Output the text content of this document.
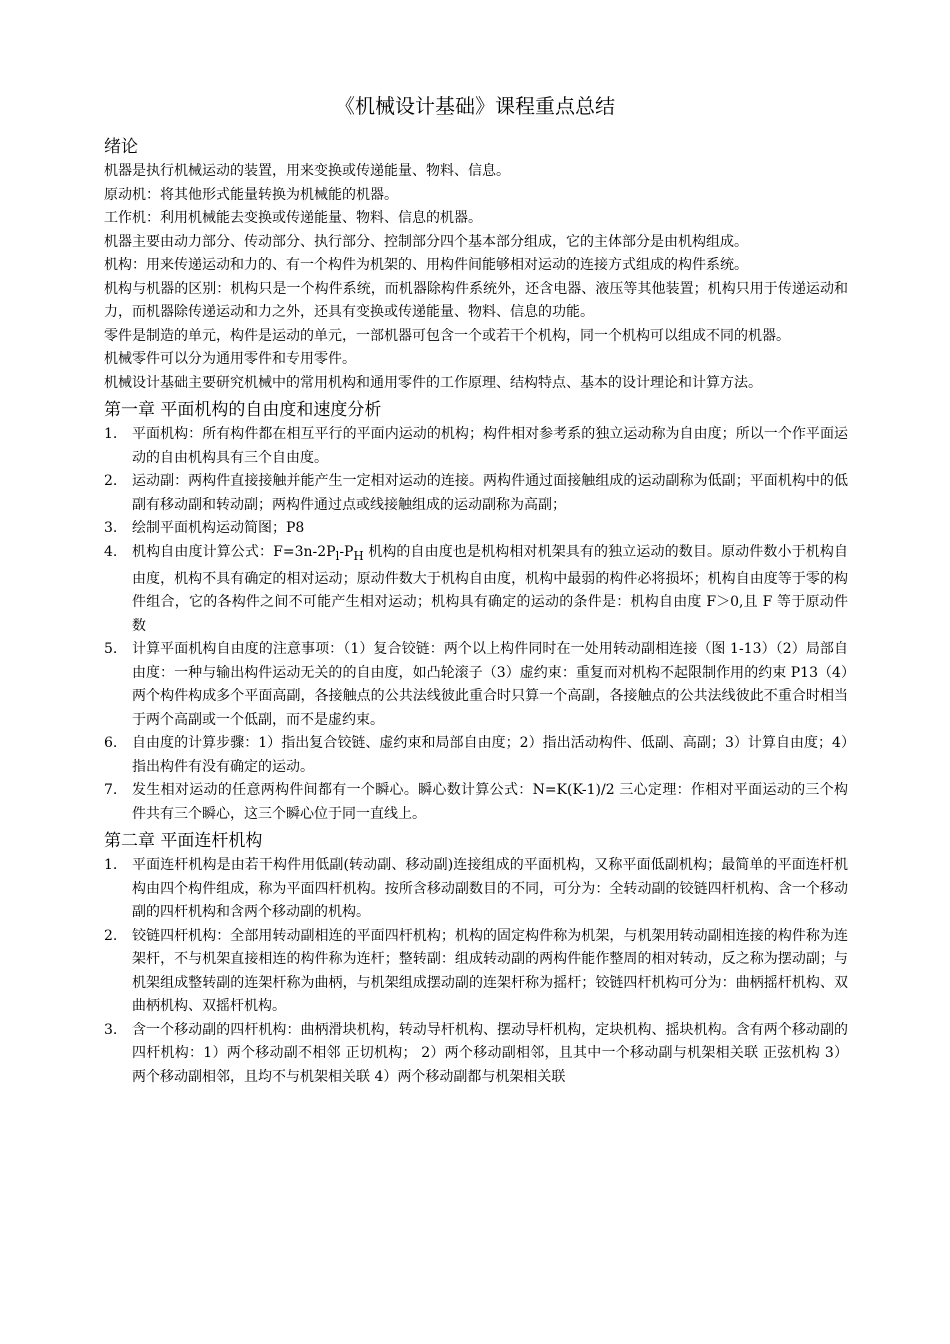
《机械设计基础》课程重点总结
绪论
机器是执行机械运动的装置，用来变换或传递能量、物料、信息。
原动机：将其他形式能量转换为机械能的机器。
工作机：利用机械能去变换或传递能量、物料、信息的机器。
机器主要由动力部分、传动部分、执行部分、控制部分四个基本部分组成，它的主体部分是由机构组成。
机构：用来传递运动和力的、有一个构件为机架的、用构件间能够相对运动的连接方式组成的构件系统。
机构与机器的区别：机构只是一个构件系统，而机器除构件系统外，还含电器、液压等其他装置；机构只用于传递运动和力，而机器除传递运动和力之外，还具有变换或传递能量、物料、信息的功能。
零件是制造的单元，构件是运动的单元，一部机器可包含一个或若干个机构，同一个机构可以组成不同的机器。
机械零件可以分为通用零件和专用零件。
机械设计基础主要研究机械中的常用机构和通用零件的工作原理、结构特点、基本的设计理论和计算方法。
第一章 平面机构的自由度和速度分析
1. 平面机构：所有构件都在相互平行的平面内运动的机构；构件相对参考系的独立运动称为自由度；所以一个作平面运动的自由机构具有三个自由度。
2. 运动副：两构件直接接触并能产生一定相对运动的连接。两构件通过面接触组成的运动副称为低副；平面机构中的低副有移动副和转动副；两构件通过点或线接触组成的运动副称为高副；
3. 绘制平面机构运动简图；P8
4. 机构自由度计算公式：$F=3n-2P_l-P_H$ 机构的自由度也是机构相对机架具有的独立运动的数目。原动件数小于机构自由度，机构不具有确定的相对运动；原动件数大于机构自由度，机构中最弱的构件必将损坏；机构自由度等于零的构件组合，它的各构件之间不可能产生相对运动；机构具有确定的运动的条件是：机构自由度 F＞0,且 F 等于原动件数
5. 计算平面机构自由度的注意事项：（1）复合铰链：两个以上构件同时在一处用转动副相连接（图 1-13）（2）局部自由度：一种与输出构件运动无关的的自由度，如凸轮滚子（3）虚约束：重复而对机构不起限制作用的约束 P13（4）两个构件构成多个平面高副，各接触点的公共法线彼此重合时只算一个高副，各接触点的公共法线彼此不重合时相当于两个高副或一个低副，而不是虚约束。
6. 自由度的计算步骤：1）指出复合铰链、虚约束和局部自由度；2）指出活动构件、低副、高副；3）计算自由度；4）指出构件有没有确定的运动。
7. 发生相对运动的任意两构件间都有一个瞬心。瞬心数计算公式：N=K(K-1)/2 三心定理：作相对平面运动的三个构件共有三个瞬心，这三个瞬心位于同一直线上。
第二章 平面连杆机构
1. 平面连杆机构是由若干构件用低副(转动副、移动副)连接组成的平面机构，又称平面低副机构；最简单的平面连杆机构由四个构件组成，称为平面四杆机构。按所含移动副数目的不同，可分为：全转动副的铰链四杆机构、含一个移动副的四杆机构和含两个移动副的机构。
2. 铰链四杆机构：全部用转动副相连的平面四杆机构；机构的固定构件称为机架，与机架用转动副相连接的构件称为连架杆，不与机架直接相连的构件称为连杆；整转副：组成转动副的两构件能作整周的相对转动，反之称为摆动副；与机架组成整转副的连架杆称为曲柄，与机架组成摆动副的连架杆称为摇杆；铰链四杆机构可分为：曲柄摇杆机构、双曲柄机构、双摇杆机构。
3. 含一个移动副的四杆机构：曲柄滑块机构，转动导杆机构、摆动导杆机构，定块机构、摇块机构。含有两个移动副的四杆机构：1）两个移动副不相邻 正切机构； 2）两个移动副相邻，且其中一个移动副与机架相关联 正弦机构 3）两个移动副相邻，且均不与机架相关联 4）两个移动副都与机架相关联
